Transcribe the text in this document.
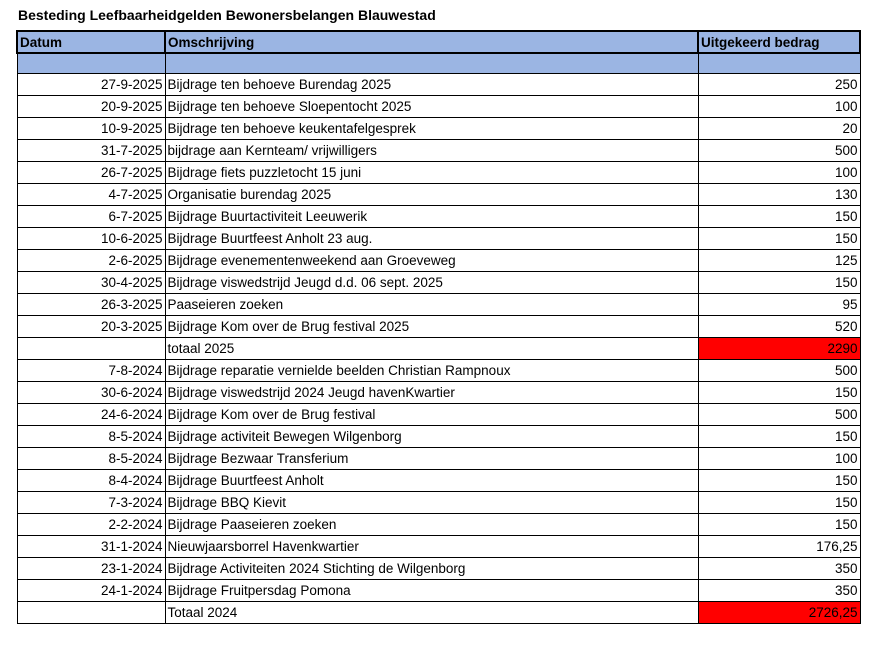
Besteding Leefbaarheidgelden Bewonersbelangen Blauwestad
Datum	Omschrijving	Uitgekeerd bedrag

27-9-2025	Bijdrage ten behoeve Burendag 2025	250
20-9-2025	Bijdrage ten behoeve Sloepentocht 2025	100
10-9-2025	Bijdrage ten behoeve keukentafelgesprek	20
31-7-2025	bijdrage aan Kernteam/ vrijwilligers	500
26-7-2025	Bijdrage fiets puzzletocht 15 juni	100
4-7-2025	Organisatie burendag 2025	130
6-7-2025	Bijdrage Buurtactiviteit Leeuwerik	150
10-6-2025	Bijdrage Buurtfeest Anholt 23 aug.	150
2-6-2025	Bijdrage evenementenweekend aan Groeveweg	125
30-4-2025	Bijdrage viswedstrijd Jeugd d.d. 06 sept. 2025	150
26-3-2025	Paaseieren zoeken	95
20-3-2025	Bijdrage Kom over de Brug festival 2025	520
	totaal 2025	2290
7-8-2024	Bijdrage reparatie vernielde beelden Christian Rampnoux	500
30-6-2024	Bijdrage viswedstrijd 2024 Jeugd havenKwartier	150
24-6-2024	Bijdrage Kom over de Brug festival	500
8-5-2024	Bijdrage activiteit Bewegen Wilgenborg	150
8-5-2024	Bijdrage Bezwaar Transferium	100
8-4-2024	Bijdrage Buurtfeest Anholt	150
7-3-2024	Bijdrage BBQ Kievit	150
2-2-2024	Bijdrage Paaseieren zoeken	150
31-1-2024	Nieuwjaarsborrel Havenkwartier	176,25
23-1-2024	Bijdrage Activiteiten 2024 Stichting de Wilgenborg	350
24-1-2024	Bijdrage Fruitpersdag Pomona	350
	Totaal 2024	2726,25
